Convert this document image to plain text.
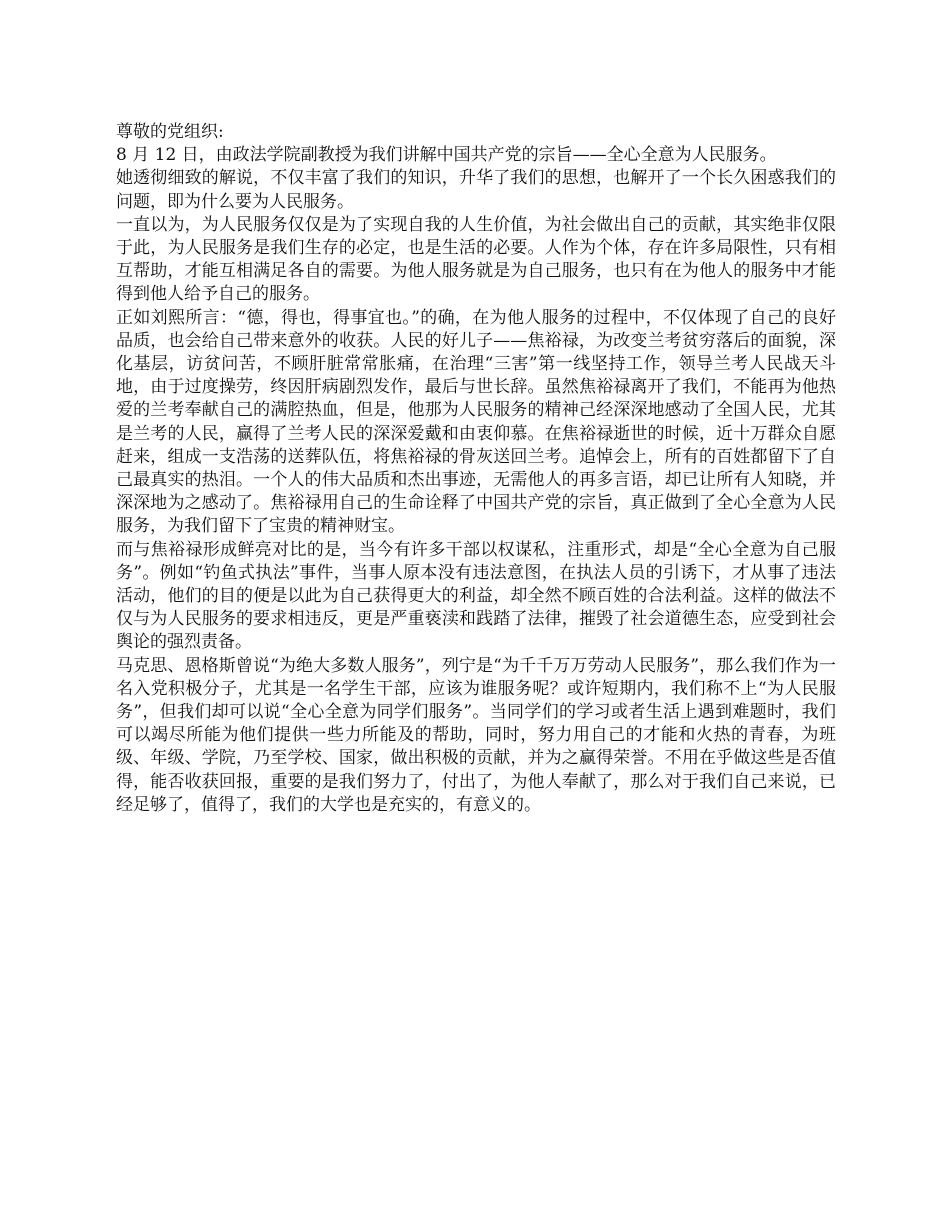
尊敬的党组织:

8 月 12 日，由政法学院副教授为我们讲解中国共产党的宗旨——全心全意为人民服务。

她透彻细致的解说，不仅丰富了我们的知识，升华了我们的思想，也解开了一个长久困惑我们的问题，即为什么要为人民服务。

一直以为，为人民服务仅仅是为了实现自我的人生价值，为社会做出自己的贡献，其实绝非仅限于此，为人民服务是我们生存的必定，也是生活的必要。人作为个体，存在许多局限性，只有相互帮助，才能互相满足各自的需要。为他人服务就是为自己服务，也只有在为他人的服务中才能得到他人给予自己的服务。

正如刘熙所言：“德，得也，得事宜也。”的确，在为他人服务的过程中，不仅体现了自己的良好品质，也会给自己带来意外的收获。人民的好儿子——焦裕禄，为改变兰考贫穷落后的面貌，深化基层，访贫问苦，不顾肝脏常常胀痛，在治理“三害”第一线坚持工作，领导兰考人民战天斗地，由于过度操劳，终因肝病剧烈发作，最后与世长辞。虽然焦裕禄离开了我们，不能再为他热爱的兰考奉献自己的满腔热血，但是，他那为人民服务的精神己经深深地感动了全国人民，尤其是兰考的人民，赢得了兰考人民的深深爱戴和由衷仰慕。在焦裕禄逝世的时候，近十万群众自愿赶来，组成一支浩荡的送葬队伍，将焦裕禄的骨灰送回兰考。追悼会上，所有的百姓都留下了自己最真实的热泪。一个人的伟大品质和杰出事迹，无需他人的再多言语，却已让所有人知晓，并深深地为之感动了。焦裕禄用自己的生命诠释了中国共产党的宗旨，真正做到了全心全意为人民服务，为我们留下了宝贵的精神财宝。

而与焦裕禄形成鲜亮对比的是，当今有许多干部以权谋私，注重形式，却是“全心全意为自己服务”。例如“钓鱼式执法”事件，当事人原本没有违法意图，在执法人员的引诱下，才从事了违法活动，他们的目的便是以此为自己获得更大的利益，却全然不顾百姓的合法利益。这样的做法不仅与为人民服务的要求相违反，更是严重亵渎和践踏了法律，摧毁了社会道德生态，应受到社会舆论的强烈责备。

马克思、恩格斯曾说“为绝大多数人服务”，列宁是“为千千万万劳动人民服务”，那么我们作为一名入党积极分子，尤其是一名学生干部，应该为谁服务呢？或许短期内，我们称不上“为人民服务”，但我们却可以说“全心全意为同学们服务”。当同学们的学习或者生活上遇到难题时，我们可以竭尽所能为他们提供一些力所能及的帮助，同时，努力用自己的才能和火热的青春，为班级、年级、学院，乃至学校、国家，做出积极的贡献，并为之赢得荣誉。不用在乎做这些是否值得，能否收获回报，重要的是我们努力了，付出了，为他人奉献了，那么对于我们自己来说，已经足够了，值得了，我们的大学也是充实的，有意义的。
